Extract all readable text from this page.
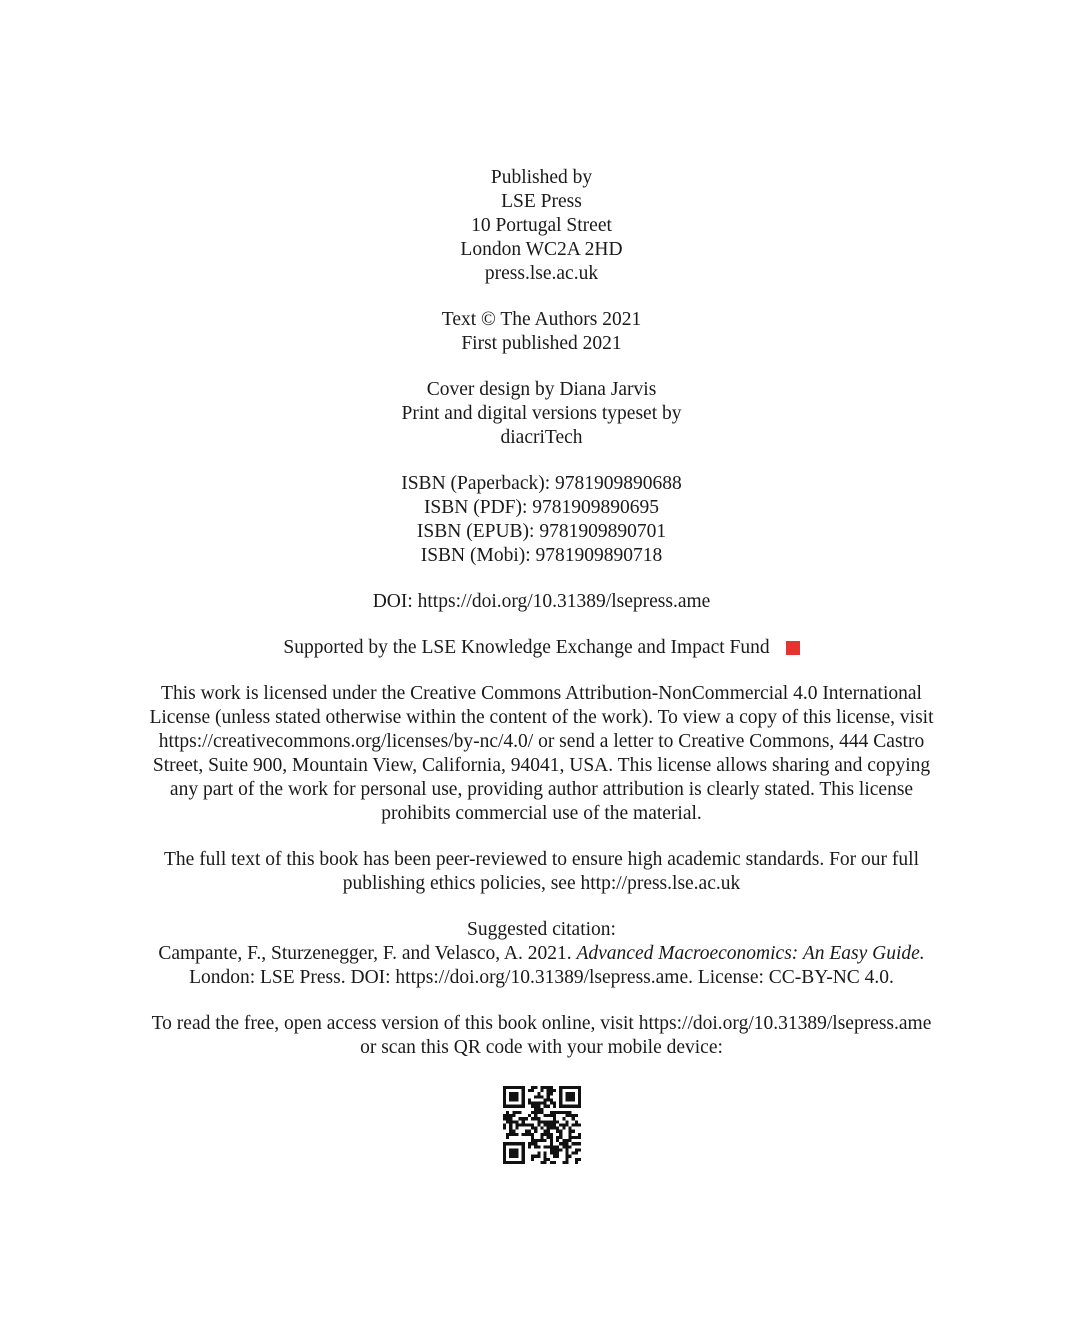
Published by
LSE Press
10 Portugal Street
London WC2A 2HD
press.lse.ac.uk
Text © The Authors 2021
First published 2021
Cover design by Diana Jarvis
Print and digital versions typeset by
diacriTech
ISBN (Paperback): 9781909890688
ISBN (PDF): 9781909890695
ISBN (EPUB): 9781909890701
ISBN (Mobi): 9781909890718
DOI: https://doi.org/10.31389/lsepress.ame
Supported by the LSE Knowledge Exchange and Impact Fund
This work is licensed under the Creative Commons Attribution-NonCommercial 4.0 International
License (unless stated otherwise within the content of the work). To view a copy of this license, visit
https://creativecommons.org/licenses/by-nc/4.0/ or send a letter to Creative Commons, 444 Castro
Street, Suite 900, Mountain View, California, 94041, USA. This license allows sharing and copying
any part of the work for personal use, providing author attribution is clearly stated. This license
prohibits commercial use of the material.
The full text of this book has been peer-reviewed to ensure high academic standards. For our full
publishing ethics policies, see http://press.lse.ac.uk
Suggested citation:
Campante, F., Sturzenegger, F. and Velasco, A. 2021. Advanced Macroeconomics: An Easy Guide.
London: LSE Press. DOI: https://doi.org/10.31389/lsepress.ame. License: CC-BY-NC 4.0.
To read the free, open access version of this book online, visit https://doi.org/10.31389/lsepress.ame
or scan this QR code with your mobile device:
